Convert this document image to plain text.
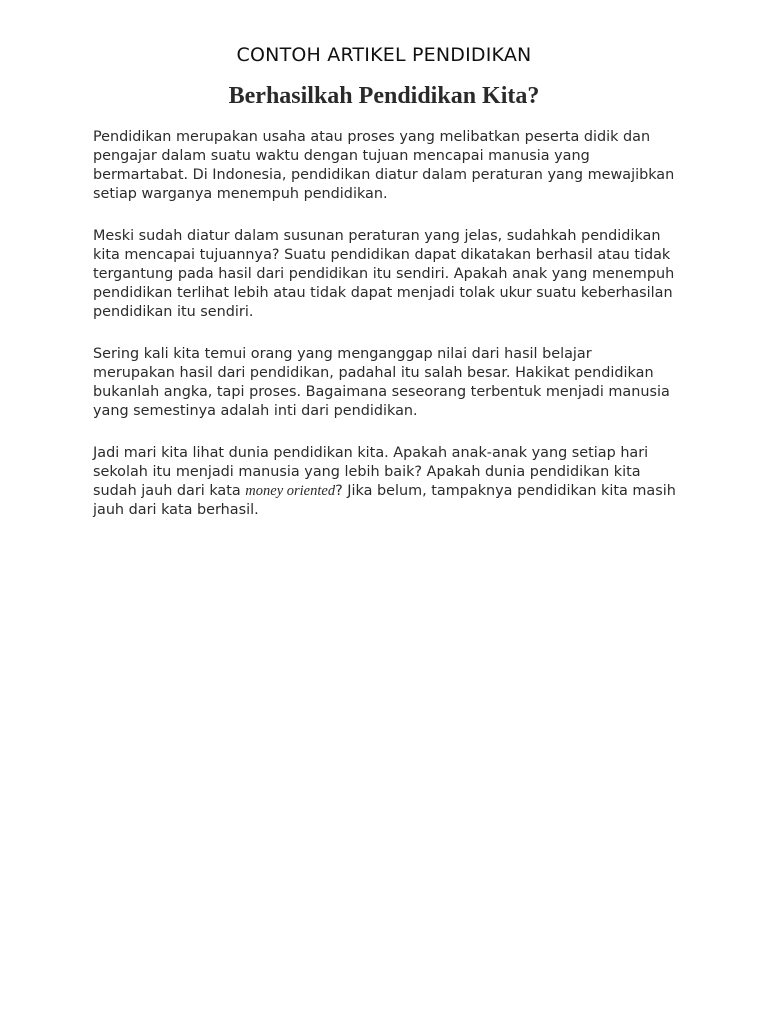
CONTOH ARTIKEL PENDIDIKAN
Berhasilkah Pendidikan Kita?

Pendidikan merupakan usaha atau proses yang melibatkan peserta didik dan pengajar dalam suatu waktu dengan tujuan mencapai manusia yang bermartabat. Di Indonesia, pendidikan diatur dalam peraturan yang mewajibkan setiap warganya menempuh pendidikan.

Meski sudah diatur dalam susunan peraturan yang jelas, sudahkah pendidikan kita mencapai tujuannya? Suatu pendidikan dapat dikatakan berhasil atau tidak tergantung pada hasil dari pendidikan itu sendiri. Apakah anak yang menempuh pendidikan terlihat lebih atau tidak dapat menjadi tolak ukur suatu keberhasilan pendidikan itu sendiri.

Sering kali kita temui orang yang menganggap nilai dari hasil belajar merupakan hasil dari pendidikan, padahal itu salah besar. Hakikat pendidikan bukanlah angka, tapi proses. Bagaimana seseorang terbentuk menjadi manusia yang semestinya adalah inti dari pendidikan.

Jadi mari kita lihat dunia pendidikan kita. Apakah anak-anak yang setiap hari sekolah itu menjadi manusia yang lebih baik? Apakah dunia pendidikan kita sudah jauh dari kata money oriented? Jika belum, tampaknya pendidikan kita masih jauh dari kata berhasil.
